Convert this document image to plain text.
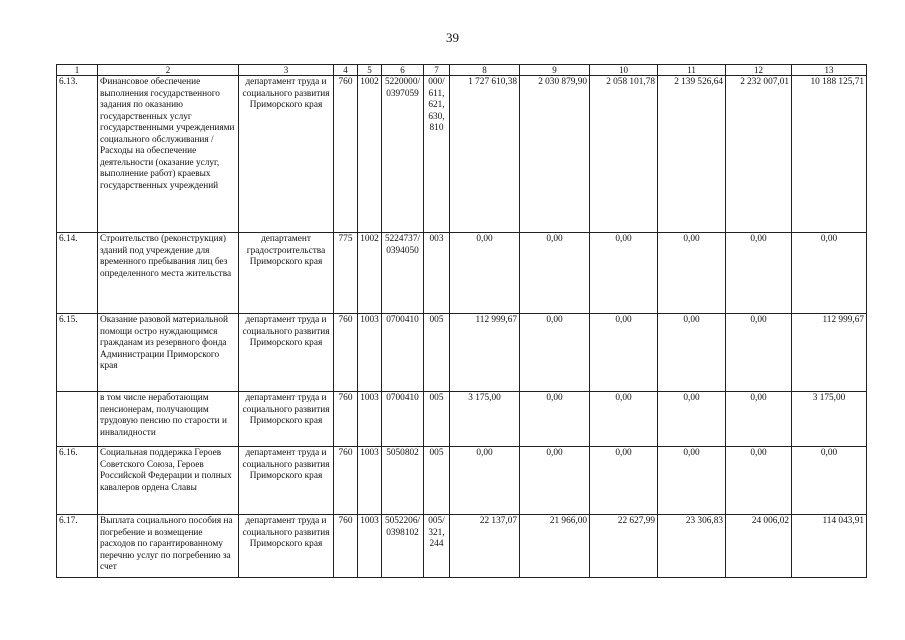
39
1	2	3	4	5	6	7	8	9	10	11	12	13
6.13.	Финансовое обеспечение выполнения государственного задания по оказанию государственных услуг государственными учреждениями социального обслуживания /Расходы на обеспечение деятельности (оказание услуг, выполнение работ) краевых государственных учреждений	департамент труда и социального развития Приморского края	760	1002	5220000/ 0397059	000/ 611, 621, 630, 810	1 727 610,38	2 030 879,90	2 058 101,78	2 139 526,64	2 232 007,01	10 188 125,71
6.14.	Строительство (реконструкция) зданий под учреждение для временного пребывания лиц без определенного места жительства	департамент градостроительства Приморского края	775	1002	5224737/ 0394050	003	0,00	0,00	0,00	0,00	0,00	0,00
6.15.	Оказание разовой материальной помощи остро нуждающимся гражданам из резервного фонда Администрации Приморского края	департамент труда и социального развития Приморского края	760	1003	0700410	005	112 999,67	0,00	0,00	0,00	0,00	112 999,67
	в том числе неработающим пенсионерам, получающим трудовую пенсию по старости и инвалидности	департамент труда и социального развития Приморского края	760	1003	0700410	005	3 175,00	0,00	0,00	0,00	0,00	3 175,00
6.16.	Социальная поддержка Героев Советского Союза, Героев Российской Федерации и полных кавалеров ордена Славы	департамент труда и социального развития Приморского края	760	1003	5050802	005	0,00	0,00	0,00	0,00	0,00	0,00
6.17.	Выплата социального пособия на погребение и возмещение расходов по гарантированному перечню услуг по погребению за счет	департамент труда и социального развития Приморского края	760	1003	5052206/ 0398102	005/ 321, 244	22 137,07	21 966,00	22 627,99	23 306,83	24 006,02	114 043,91
